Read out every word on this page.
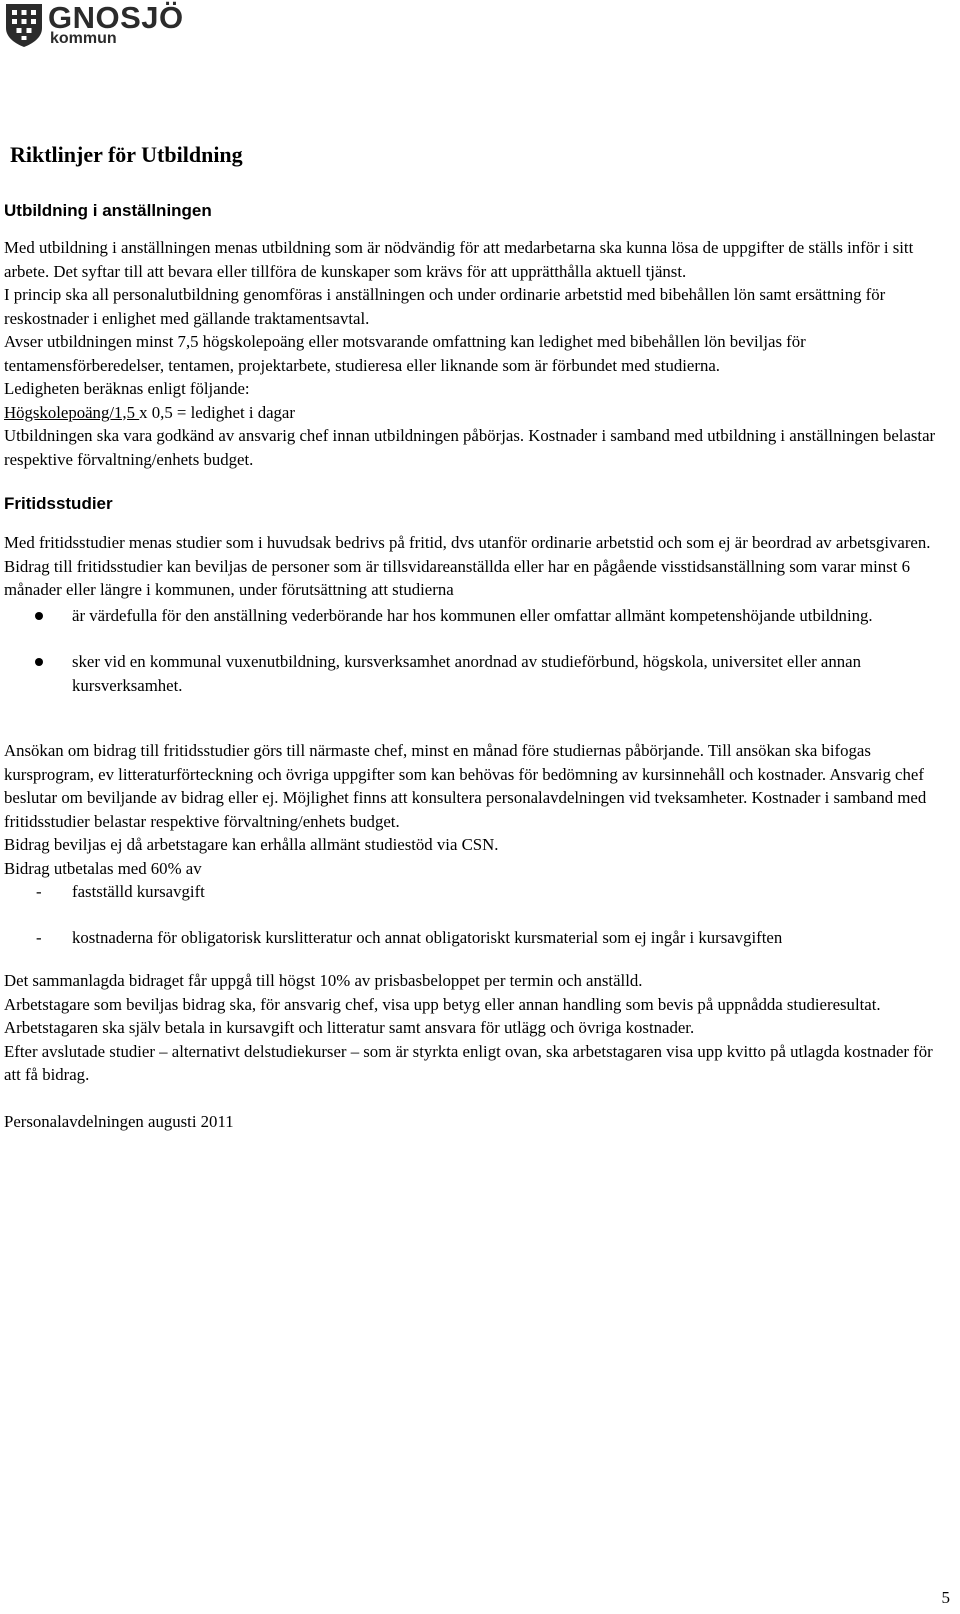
GNOSJÖ
kommun
Riktlinjer för Utbildning
Utbildning i anställningen

Med utbildning i anställningen menas utbildning som är nödvändig för att medarbetarna ska kunna lösa de uppgifter de ställs inför i sitt arbete. Det syftar till att bevara eller tillföra de kunskaper som krävs för att upprätthålla aktuell tjänst.

I princip ska all personalutbildning genomföras i anställningen och under ordinarie arbetstid med bibehållen lön samt ersättning för reskostnader i enlighet med gällande traktamentsavtal.

Avser utbildningen minst 7,5 högskolepoäng eller motsvarande omfattning kan ledighet med bibehållen lön beviljas för tentamensförberedelser, tentamen, projektarbete, studieresa eller liknande som är förbundet med studierna.

Ledigheten beräknas enligt följande:

Högskolepoäng/1,5 x 0,5 = ledighet i dagar

Utbildningen ska vara godkänd av ansvarig chef innan utbildningen påbörjas. Kostnader i samband med utbildning i anställningen belastar respektive förvaltning/enhets budget.

Fritidsstudier

Med fritidsstudier menas studier som i huvudsak bedrivs på fritid, dvs utanför ordinarie arbetstid och som ej är beordrad av arbetsgivaren.

Bidrag till fritidsstudier kan beviljas de personer som är tillsvidareanställda eller har en pågående visstidsanställning som varar minst 6 månader eller längre i kommunen, under förutsättning att studierna

är värdefulla för den anställning vederbörande har hos kommunen eller omfattar allmänt kompetenshöjande utbildning.
sker vid en kommunal vuxenutbildning, kursverksamhet anordnad av studieförbund, högskola, universitet eller annan kursverksamhet.

Ansökan om bidrag till fritidsstudier görs till närmaste chef, minst en månad före studiernas påbörjande. Till ansökan ska bifogas kursprogram, ev litteraturförteckning och övriga uppgifter som kan behövas för bedömning av kursinnehåll och kostnader. Ansvarig chef beslutar om beviljande av bidrag eller ej. Möjlighet finns att konsultera personalavdelningen vid tveksamheter. Kostnader i samband med fritidsstudier belastar respektive förvaltning/enhets budget.

Bidrag beviljas ej då arbetstagare kan erhålla allmänt studiestöd via CSN.

Bidrag utbetalas med 60% av

- fastställd kursavgift
- kostnaderna för obligatorisk kurslitteratur och annat obligatoriskt kursmaterial som ej ingår i kursavgiften

Det sammanlagda bidraget får uppgå till högst 10% av prisbasbeloppet per termin och anställd.

Arbetstagare som beviljas bidrag ska, för ansvarig chef, visa upp betyg eller annan handling som bevis på uppnådda studieresultat.

Arbetstagaren ska själv betala in kursavgift och litteratur samt ansvara för utlägg och övriga kostnader.

Efter avslutade studier – alternativt delstudiekurser – som är styrkta enligt ovan, ska arbetstagaren visa upp kvitto på utlagda kostnader för att få bidrag.

Personalavdelningen augusti 2011

5
